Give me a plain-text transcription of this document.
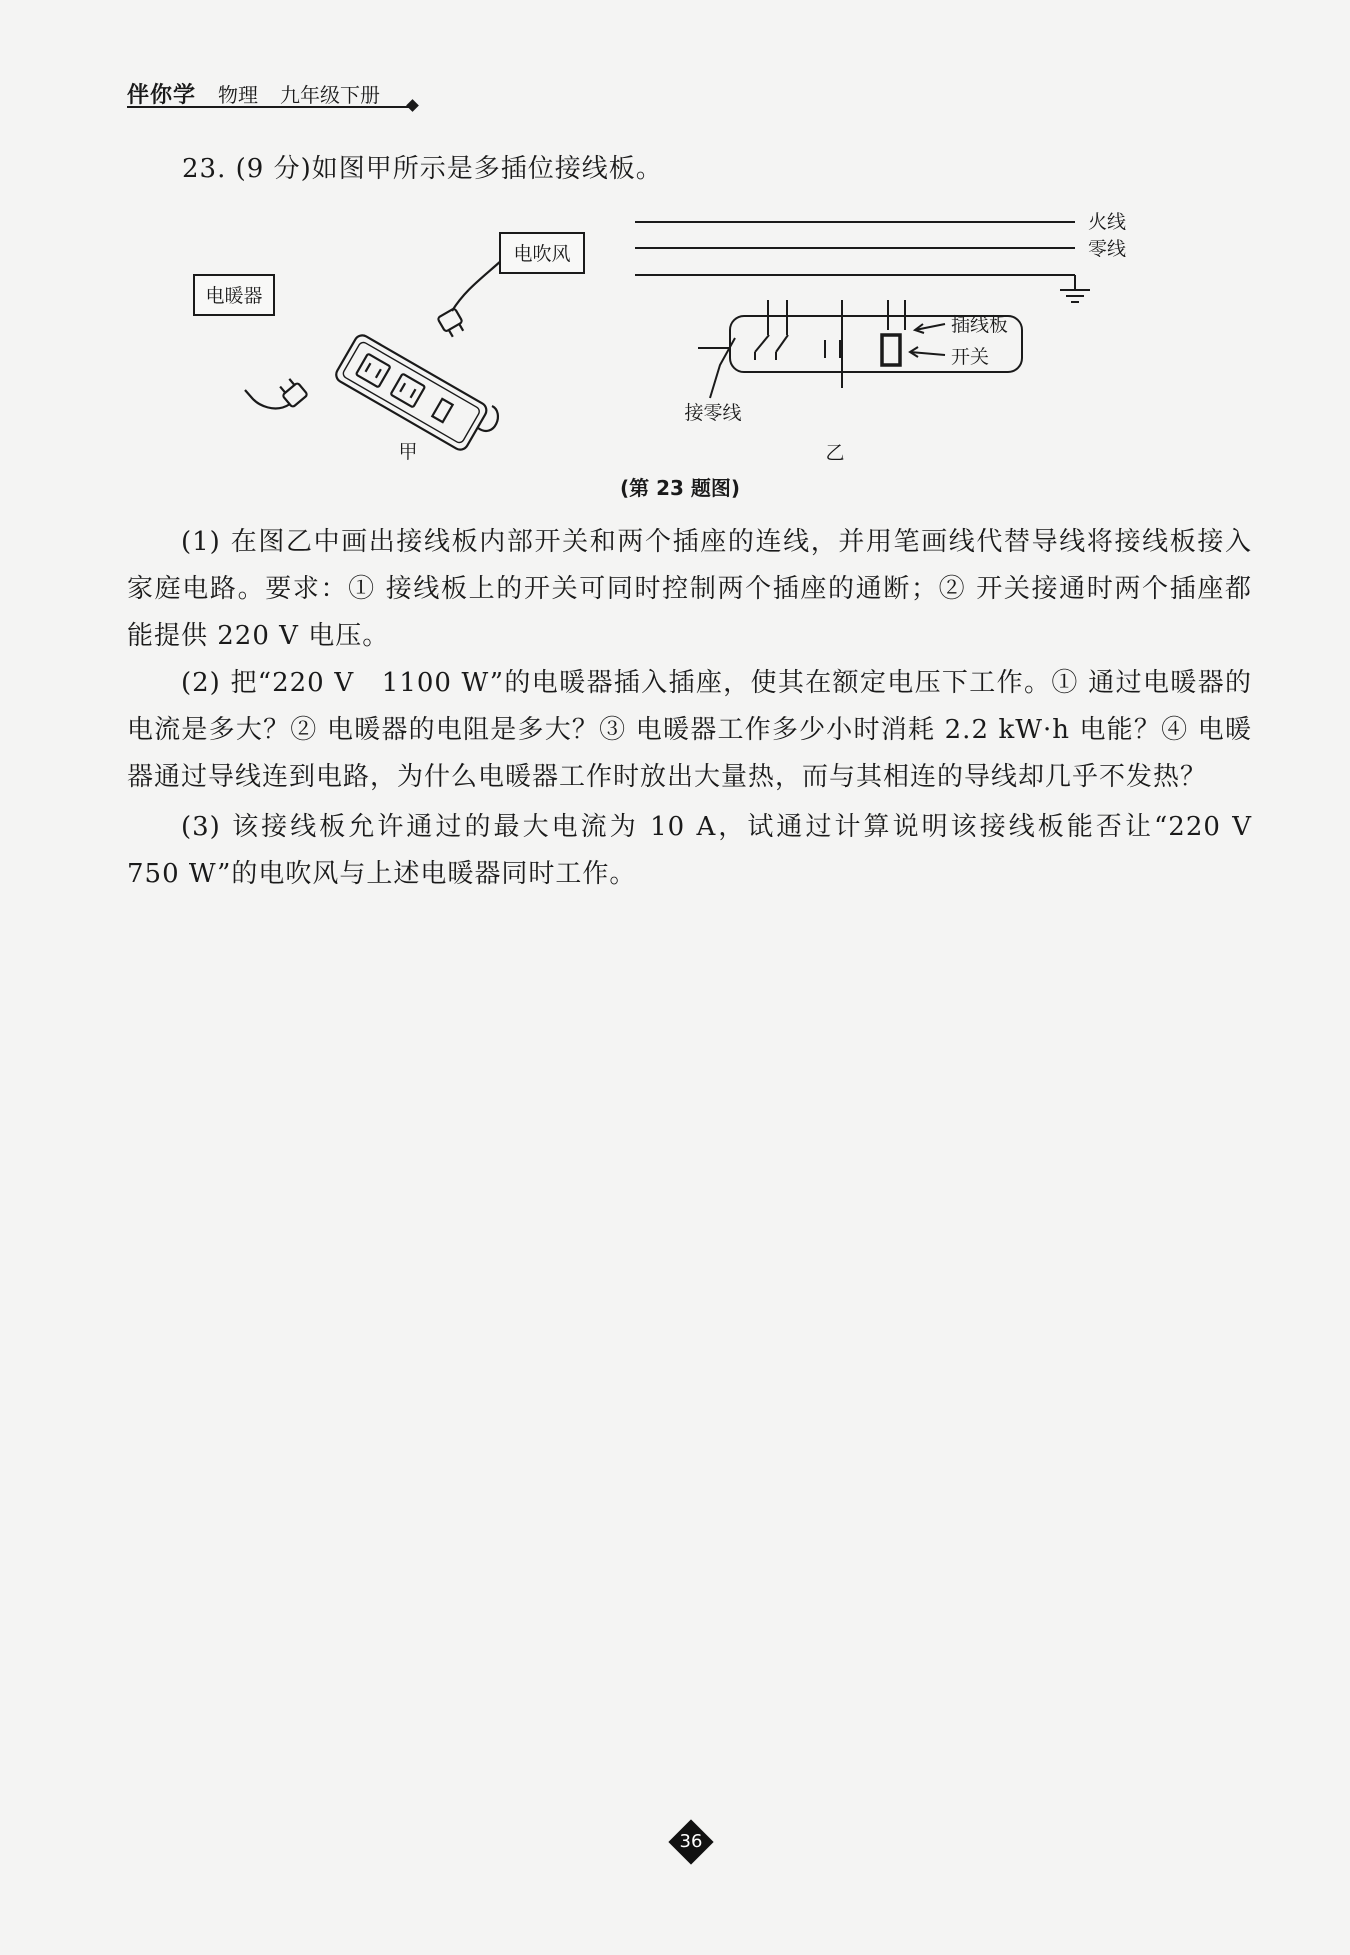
伴你学 物理 九年级下册
23. (9 分)如图甲所示是多插位接线板。
电暖器
电吹风
甲
火线
零线
插线板
开关
接零线
乙
(第 23 题图)
(1) 在图乙中画出接线板内部开关和两个插座的连线，并用笔画线代替导线将接线板接入家庭电路。要求：① 接线板上的开关可同时控制两个插座的通断；② 开关接通时两个插座都能提供 220 V 电压。
(2) 把“220 V　1100 W”的电暖器插入插座，使其在额定电压下工作。① 通过电暖器的电流是多大？② 电暖器的电阻是多大？③ 电暖器工作多少小时消耗 2.2 kW·h 电能？④ 电暖器通过导线连到电路，为什么电暖器工作时放出大量热，而与其相连的导线却几乎不发热？
(3) 该接线板允许通过的最大电流为 10 A，试通过计算说明该接线板能否让“220 V　750 W”的电吹风与上述电暖器同时工作。
36
